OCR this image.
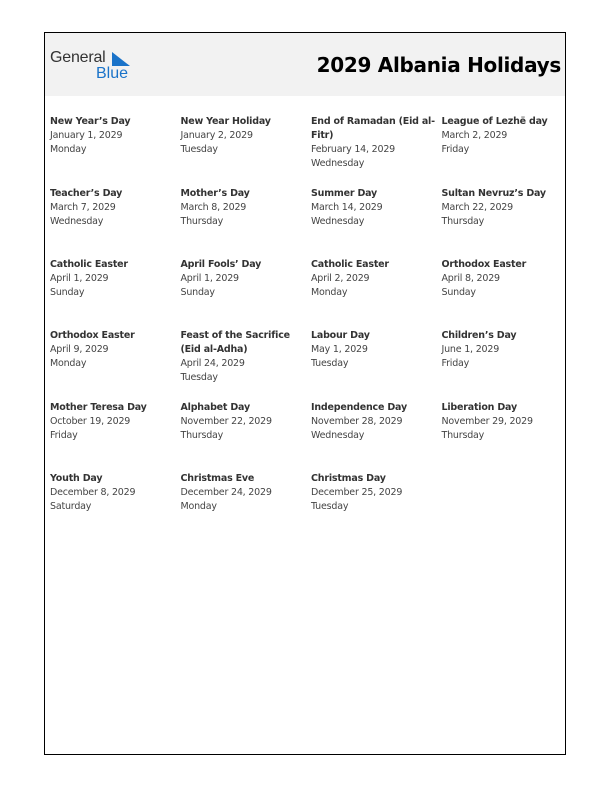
General
Blue	2029 Albania Holidays
New Year’s Day
January 1, 2029
Monday
New Year Holiday
January 2, 2029
Tuesday
End of Ramadan (Eid al-Fitr)
February 14, 2029
Wednesday
League of Lezhë day
March 2, 2029
Friday
Teacher’s Day
March 7, 2029
Wednesday
Mother’s Day
March 8, 2029
Thursday
Summer Day
March 14, 2029
Wednesday
Sultan Nevruz’s Day
March 22, 2029
Thursday
Catholic Easter
April 1, 2029
Sunday
April Fools’ Day
April 1, 2029
Sunday
Catholic Easter
April 2, 2029
Monday
Orthodox Easter
April 8, 2029
Sunday
Orthodox Easter
April 9, 2029
Monday
Feast of the Sacrifice (Eid al-Adha)
April 24, 2029
Tuesday
Labour Day
May 1, 2029
Tuesday
Children’s Day
June 1, 2029
Friday
Mother Teresa Day
October 19, 2029
Friday
Alphabet Day
November 22, 2029
Thursday
Independence Day
November 28, 2029
Wednesday
Liberation Day
November 29, 2029
Thursday
Youth Day
December 8, 2029
Saturday
Christmas Eve
December 24, 2029
Monday
Christmas Day
December 25, 2029
Tuesday
